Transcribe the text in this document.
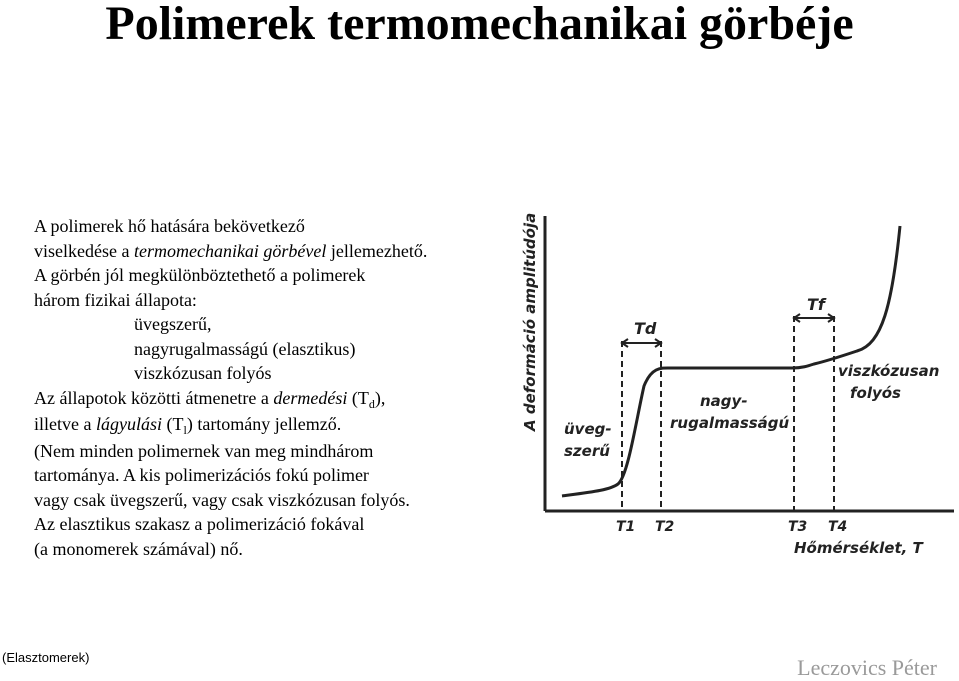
Polimerek termomechanikai görbéje
A polimerek hő hatására bekövetkező
viselkedése a termomechanikai görbével jellemezhető.
A görbén jól megkülönböztethető a polimerek
három fizikai állapota:
üvegszerű,
nagyrugalmasságú (elasztikus)
viszkózusan folyós
Az állapotok közötti átmenetre a dermedési $(T_d)$,
illetve a lágyulási $(T_l)$ tartomány jellemző.
(Nem minden polimernek van meg mindhárom
tartománya. A kis polimerizációs fokú polimer
vagy csak üvegszerű, vagy csak viszkózusan folyós.
Az elasztikus szakasz a polimerizáció fokával
(a monomerek számával) nő.
A deformáció amplitúdója	Td
Tf
üveg-
szerű
nagy-
rugalmasságú
viszkózusan
folyós
T1 T2	T3 T4
Hőmérséklet, T
(Elasztomerek)	Leczovics Péter
